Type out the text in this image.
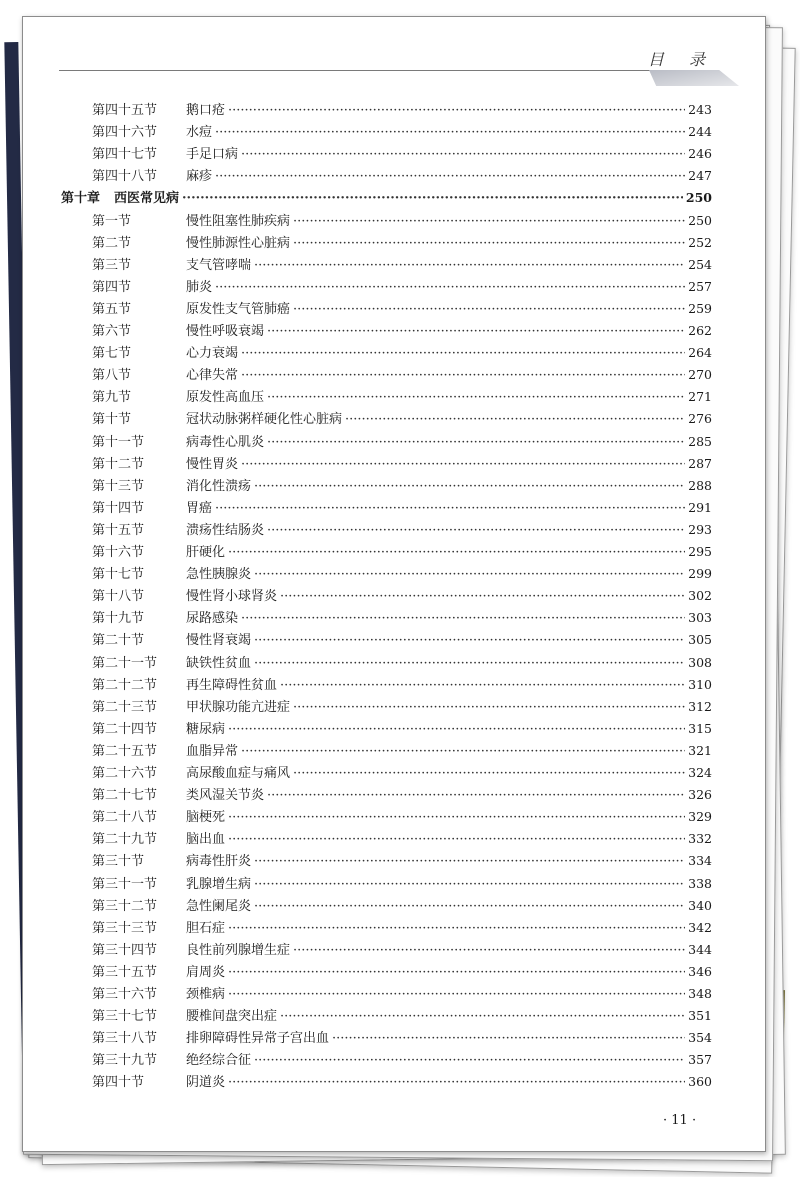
目 录
第四十五节	鹅口疮 ·····	243
第四十六节	水痘 ·····	244
第四十七节	手足口病 ·····	246
第四十八节	麻疹 ·····	247
第十章 西医常见病 ·····	250
第一节	慢性阻塞性肺疾病 ·····	250
第二节	慢性肺源性心脏病 ·····	252
第三节	支气管哮喘 ·····	254
第四节	肺炎 ·····	257
第五节	原发性支气管肺癌 ·····	259
第六节	慢性呼吸衰竭 ·····	262
第七节	心力衰竭 ·····	264
第八节	心律失常 ·····	270
第九节	原发性高血压 ·····	271
第十节	冠状动脉粥样硬化性心脏病 ·····	276
第十一节	病毒性心肌炎 ·····	285
第十二节	慢性胃炎 ·····	287
第十三节	消化性溃疡 ·····	288
第十四节	胃癌 ·····	291
第十五节	溃疡性结肠炎 ·····	293
第十六节	肝硬化 ·····	295
第十七节	急性胰腺炎 ·····	299
第十八节	慢性肾小球肾炎 ·····	302
第十九节	尿路感染 ·····	303
第二十节	慢性肾衰竭 ·····	305
第二十一节	缺铁性贫血 ·····	308
第二十二节	再生障碍性贫血 ·····	310
第二十三节	甲状腺功能亢进症 ·····	312
第二十四节	糖尿病 ·····	315
第二十五节	血脂异常 ·····	321
第二十六节	高尿酸血症与痛风 ·····	324
第二十七节	类风湿关节炎 ·····	326
第二十八节	脑梗死 ·····	329
第二十九节	脑出血 ·····	332
第三十节	病毒性肝炎 ·····	334
第三十一节	乳腺增生病 ·····	338
第三十二节	急性阑尾炎 ·····	340
第三十三节	胆石症 ·····	342
第三十四节	良性前列腺增生症 ·····	344
第三十五节	肩周炎 ·····	346
第三十六节	颈椎病 ·····	348
第三十七节	腰椎间盘突出症 ·····	351
第三十八节	排卵障碍性异常子宫出血 ·····	354
第三十九节	绝经综合征 ·····	357
第四十节	阴道炎 ·····	360
· 11 ·
